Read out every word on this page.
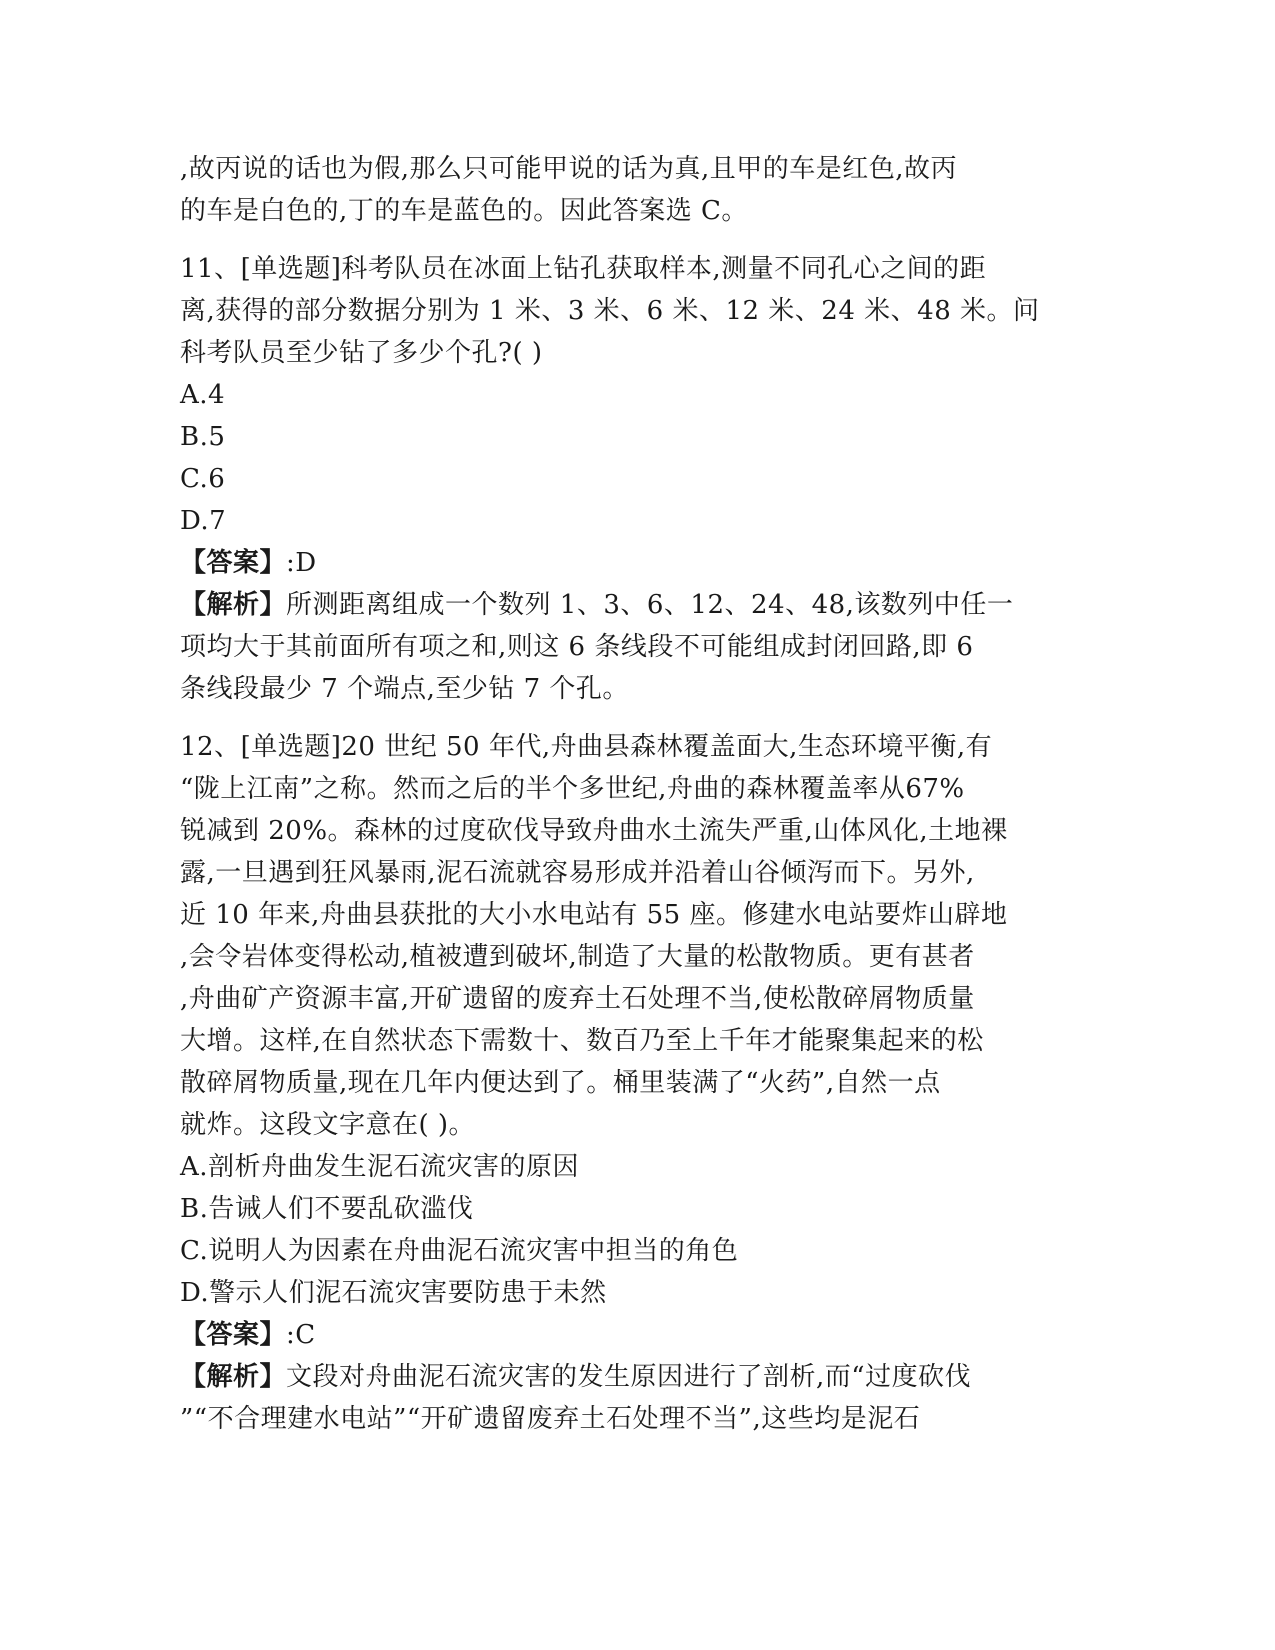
,故丙说的话也为假,那么只可能甲说的话为真,且甲的车是红色,故丙
的车是白色的,丁的车是蓝色的。因此答案选 C。
11、[单选题]科考队员在冰面上钻孔获取样本,测量不同孔心之间的距
离,获得的部分数据分别为 1 米、3 米、6 米、12 米、24 米、48 米。问
科考队员至少钻了多少个孔?( )
A.4
B.5
C.6
D.7
【答案】:D
【解析】所测距离组成一个数列 1、3、6、12、24、48,该数列中任一
项均大于其前面所有项之和,则这 6 条线段不可能组成封闭回路,即 6
条线段最少 7 个端点,至少钻 7 个孔。
12、[单选题]20 世纪 50 年代,舟曲县森林覆盖面大,生态环境平衡,有
“陇上江南”之称。然而之后的半个多世纪,舟曲的森林覆盖率从67%
锐减到 20%。森林的过度砍伐导致舟曲水土流失严重,山体风化,土地裸
露,一旦遇到狂风暴雨,泥石流就容易形成并沿着山谷倾泻而下。另外,
近 10 年来,舟曲县获批的大小水电站有 55 座。修建水电站要炸山辟地
,会令岩体变得松动,植被遭到破坏,制造了大量的松散物质。更有甚者
,舟曲矿产资源丰富,开矿遗留的废弃土石处理不当,使松散碎屑物质量
大增。这样,在自然状态下需数十、数百乃至上千年才能聚集起来的松
散碎屑物质量,现在几年内便达到了。桶里装满了“火药”,自然一点
就炸。这段文字意在( )。
A.剖析舟曲发生泥石流灾害的原因
B.告诫人们不要乱砍滥伐
C.说明人为因素在舟曲泥石流灾害中担当的角色
D.警示人们泥石流灾害要防患于未然
【答案】:C
【解析】文段对舟曲泥石流灾害的发生原因进行了剖析,而“过度砍伐
”“不合理建水电站”“开矿遗留废弃土石处理不当”,这些均是泥石
